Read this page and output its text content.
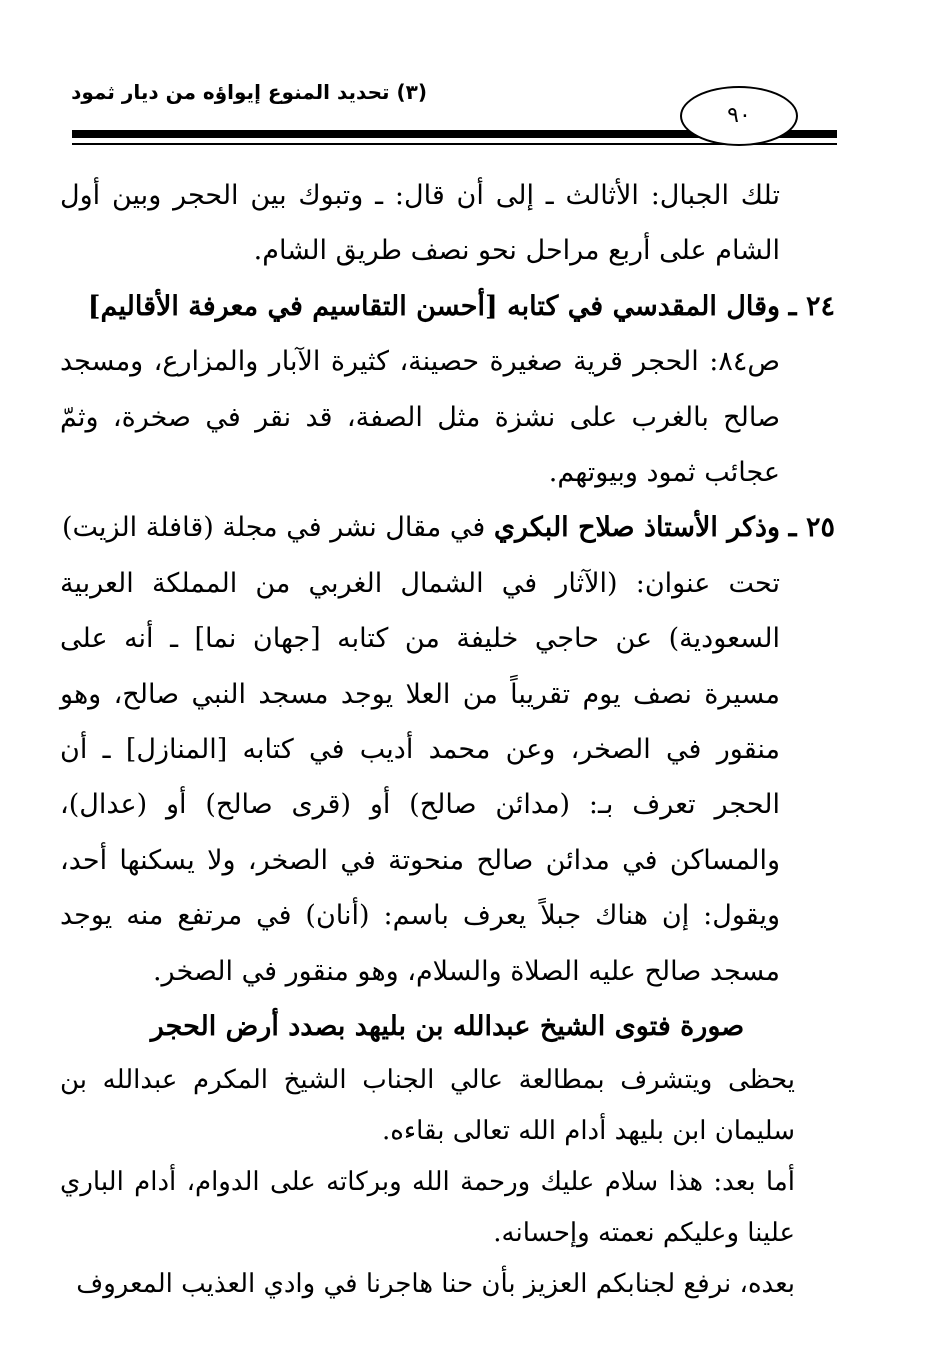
(٣) تحديد المنوع إيواؤه من ديار ثمود
٩٠

تلك الجبال: الأثالث ـ إلى أن قال: ـ وتبوك بين الحجر وبين أول الشام على أربع مراحل نحو نصف طريق الشام.

٢٤ ـ وقال المقدسي في كتابه [أحسن التقاسيم في معرفة الأقاليم]

ص٨٤: الحجر قرية صغيرة حصينة، كثيرة الآبار والمزارع، ومسجد صالح بالغرب على نشزة مثل الصفة، قد نقر في صخرة، وثمّ عجائب ثمود وبيوتهم.

٢٥ ـ وذكر الأستاذ صلاح البكري في مقال نشر في مجلة (قافلة الزيت)

تحت عنوان: (الآثار في الشمال الغربي من المملكة العربية السعودية) عن حاجي خليفة من كتابه [جهان نما] ـ أنه على مسيرة نصف يوم تقريباً من العلا يوجد مسجد النبي صالح، وهو منقور في الصخر، وعن محمد أديب في كتابه [المنازل] ـ أن الحجر تعرف بـ: (مدائن صالح) أو (قرى صالح) أو (عدال)، والمساكن في مدائن صالح منحوتة في الصخر، ولا يسكنها أحد، ويقول: إن هناك جبلاً يعرف باسم: (أنان) في مرتفع منه يوجد مسجد صالح عليه الصلاة والسلام، وهو منقور في الصخر.

صورة فتوى الشيخ عبدالله بن بليهد بصدد أرض الحجر

يحظى ويتشرف بمطالعة عالي الجناب الشيخ المكرم عبدالله بن سليمان ابن بليهد أدام الله تعالى بقاءه.

أما بعد: هذا سلام عليك ورحمة الله وبركاته على الدوام، أدام الباري علينا وعليكم نعمته وإحسانه.

بعده، نرفع لجنابكم العزيز بأن حنا هاجرنا في وادي العذيب المعروف
